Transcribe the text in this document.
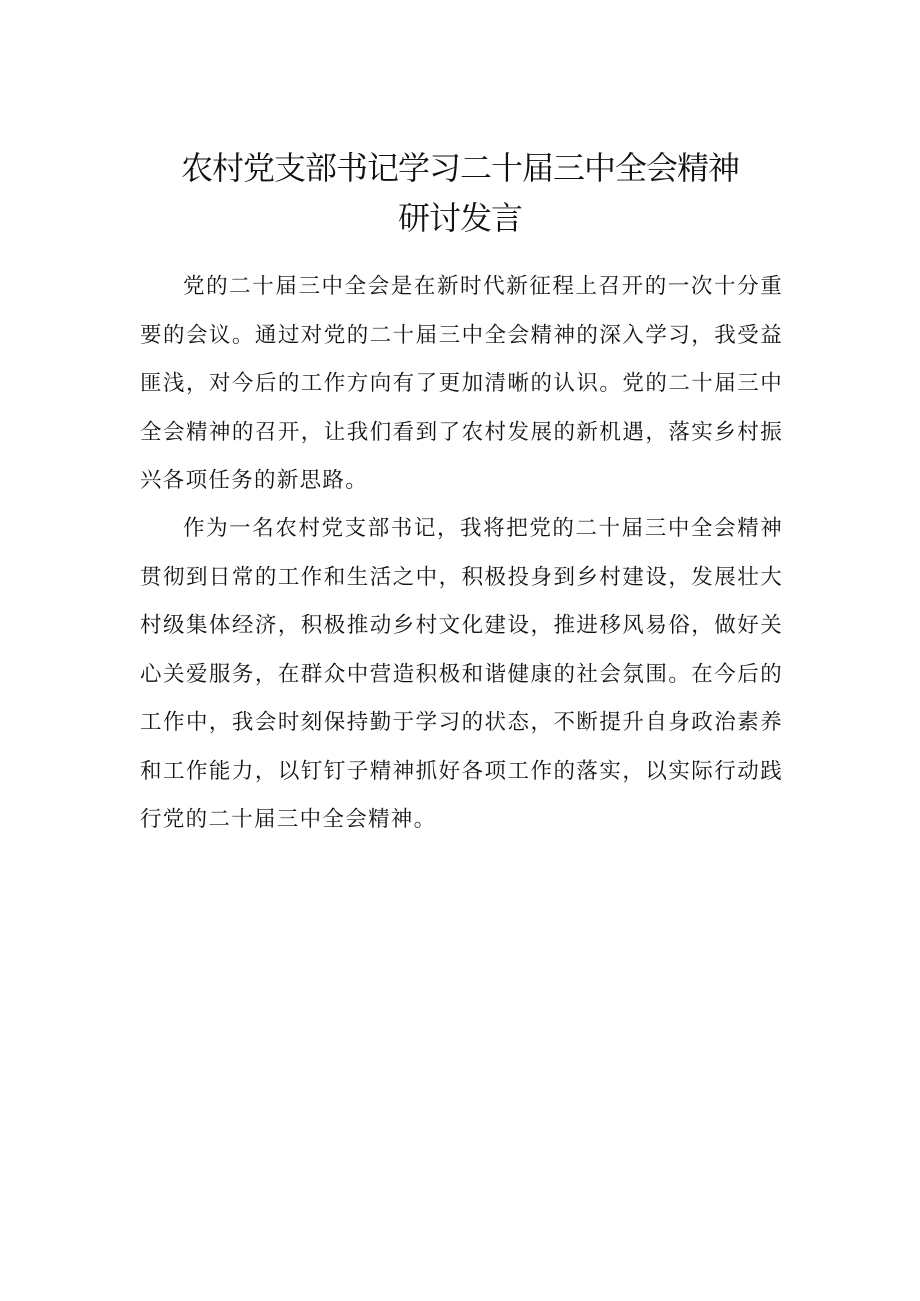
农村党支部书记学习二十届三中全会精神
研讨发言

党的二十届三中全会是在新时代新征程上召开的一次十分重要的会议。通过对党的二十届三中全会精神的深入学习，我受益匪浅，对今后的工作方向有了更加清晰的认识。党的二十届三中全会精神的召开，让我们看到了农村发展的新机遇，落实乡村振兴各项任务的新思路。

作为一名农村党支部书记，我将把党的二十届三中全会精神贯彻到日常的工作和生活之中，积极投身到乡村建设，发展壮大村级集体经济，积极推动乡村文化建设，推进移风易俗，做好关心关爱服务，在群众中营造积极和谐健康的社会氛围。在今后的工作中，我会时刻保持勤于学习的状态，不断提升自身政治素养和工作能力，以钉钉子精神抓好各项工作的落实，以实际行动践行党的二十届三中全会精神。
